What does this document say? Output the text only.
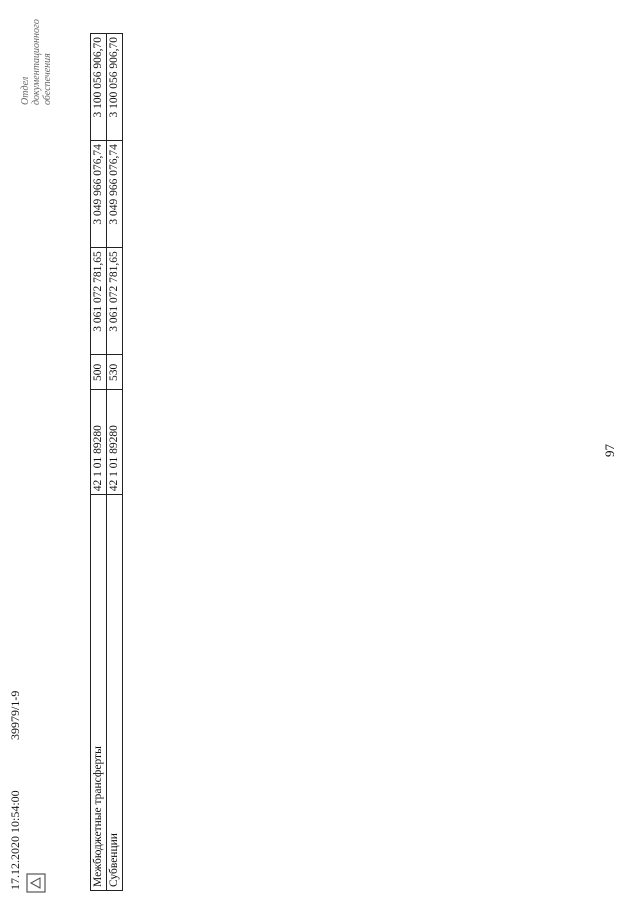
97
Межбюджетные трансферты	42 1 01 89280	500	3 061 072 781,65	3 049 966 076,74	3 100 056 906,70
Субвенции	42 1 01 89280	530	3 061 072 781,65	3 049 966 076,74	3 100 056 906,70
17.12.2020 10:54:00
39979/1-9
Отдел документационного обеспечения
